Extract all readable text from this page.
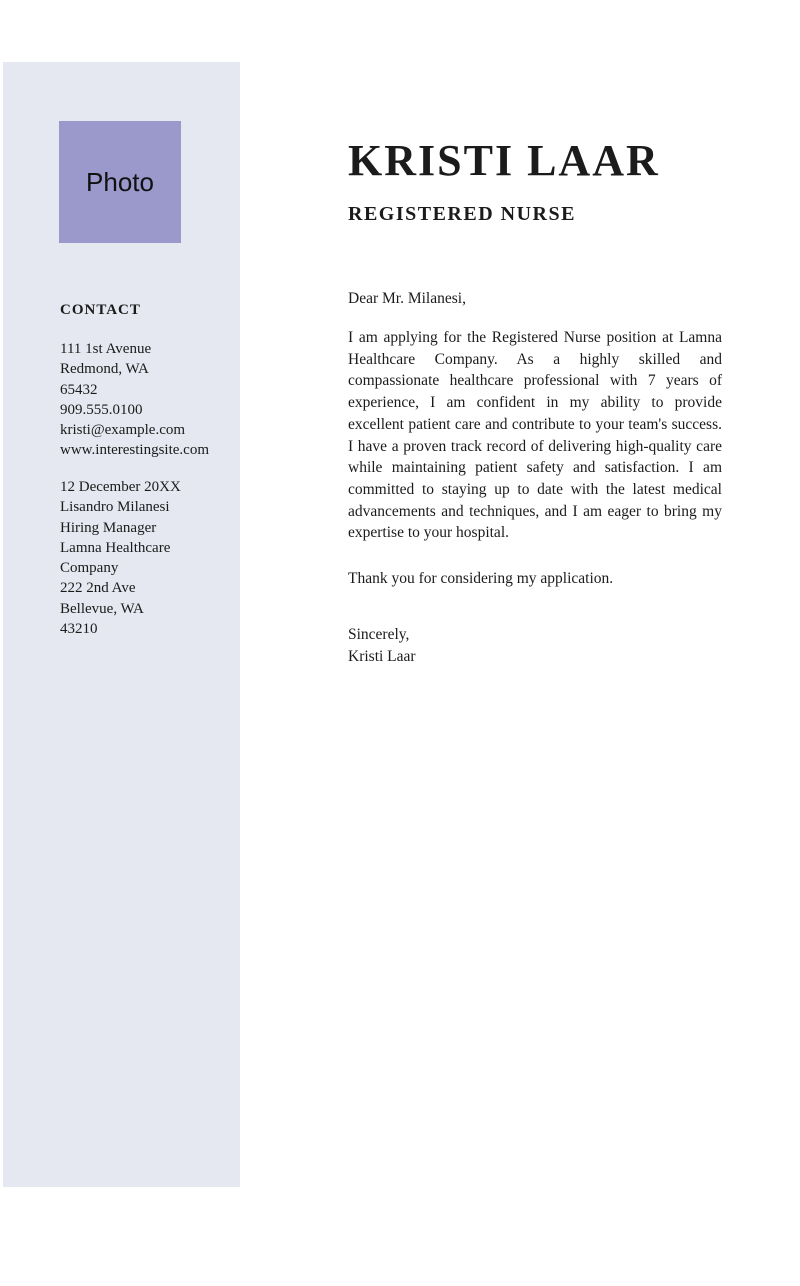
Photo
CONTACT
111 1st Avenue
Redmond, WA
65432
909.555.0100
kristi@example.com
www.interestingsite.com
12 December 20XX
Lisandro Milanesi
Hiring Manager
Lamna Healthcare
Company
222 2nd Ave
Bellevue, WA
43210
KRISTI LAAR
REGISTERED NURSE

Dear Mr. Milanesi,

I am applying for the Registered Nurse position at Lamna Healthcare Company. As a highly skilled and compassionate healthcare professional with 7 years of experience, I am confident in my ability to provide excellent patient care and contribute to your team's success. I have a proven track record of delivering high-quality care while maintaining patient safety and satisfaction. I am committed to staying up to date with the latest medical advancements and techniques, and I am eager to bring my expertise to your hospital.

Thank you for considering my application.

Sincerely,

Kristi Laar
